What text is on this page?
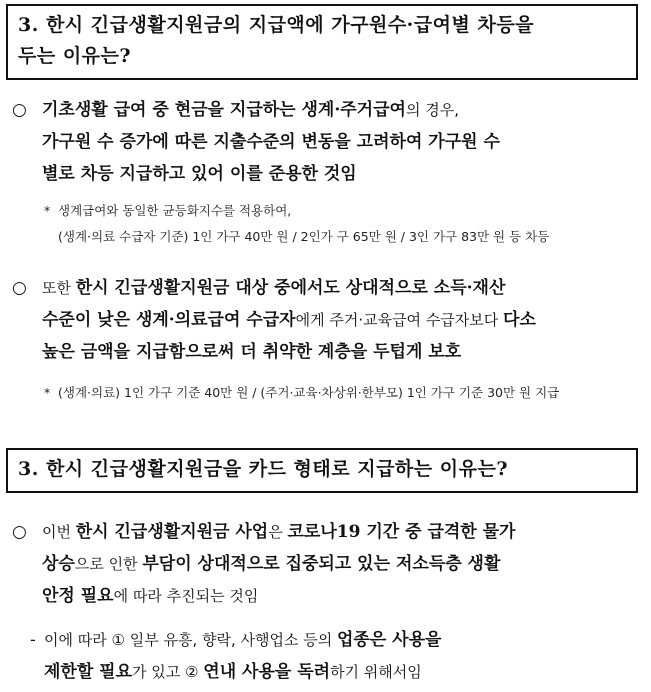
3. 한시 긴급생활지원금의 지급액에 가구원수·급여별 차등을
두는 이유는?
○ 기초생활 급여 중 현금을 지급하는 생계·주거급여의 경우,
가구원 수 증가에 따른 지출수준의 변동을 고려하여 가구원 수
별로 차등 지급하고 있어 이를 준용한 것임
* 생계급여와 동일한 균등화지수를 적용하여,
(생계·의료 수급자 기준) 1인 가구 40만 원 / 2인가 구 65만 원 / 3인 가구 83만 원 등 차등
○ 또한 한시 긴급생활지원금 대상 중에서도 상대적으로 소득·재산
수준이 낮은 생계·의료급여 수급자에게 주거·교육급여 수급자보다 다소
높은 금액을 지급함으로써 더 취약한 계층을 두텁게 보호
* (생계·의료) 1인 가구 기준 40만 원 / (주거·교육·차상위·한부모) 1인 가구 기준 30만 원 지급
3. 한시 긴급생활지원금을 카드 형태로 지급하는 이유는?
○ 이번 한시 긴급생활지원금 사업은 코로나19 기간 중 급격한 물가
상승으로 인한 부담이 상대적으로 집중되고 있는 저소득층 생활
안정 필요에 따라 추진되는 것임
- 이에 따라 ① 일부 유흥, 향락, 사행업소 등의 업종은 사용을
제한할 필요가 있고 ② 연내 사용을 독려하기 위해서임
